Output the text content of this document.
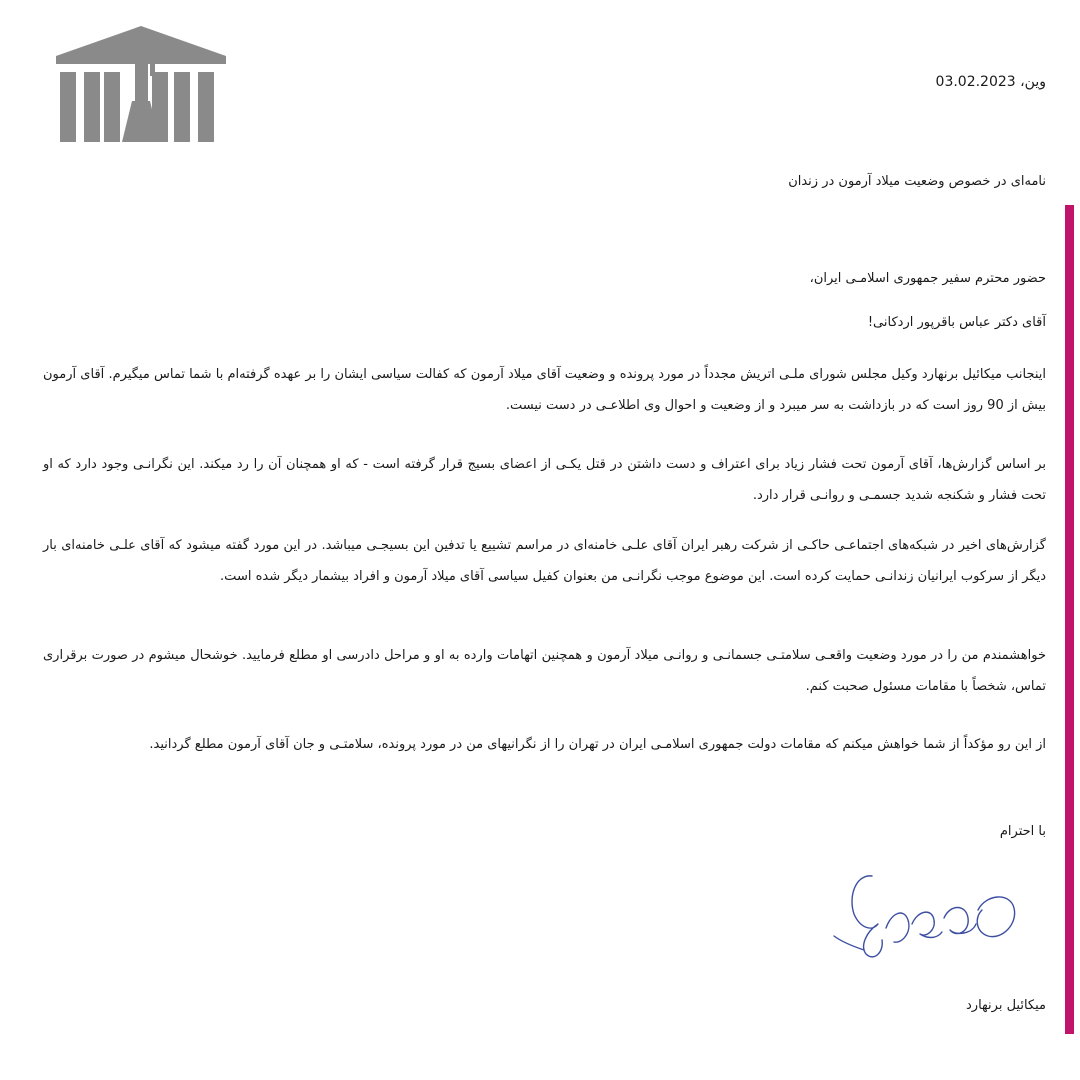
وین، 03.02.2023
نامه‌ای در خصوص وضعیت میلاد آرمون در زندان
حضور محترم سفیر جمهوری اسلامـی ایران،
آقای دکتر عباس باقرپور اردکانی!

اینجانب میکائیل برنهارد وکیل مجلس شورای ملـی اتریش مجدداً در مورد پرونده و وضعیت آقای میلاد آرمون که کفالت سیاسی ایشان را بر عهده گرفته‌ام با شما تماس میگیرم. آقای آرمون بیش از 90 روز است که در بازداشت به سر میبرد و از وضعیت و احوال وی اطلاعـی در دست نیست.

بر اساس گزارش‌ها، آقای آرمون تحت فشار زیاد برای اعتراف و دست داشتن در قتل یکـی از اعضای بسیج قرار گرفته است - که او همچنان آن را رد میکند. این نگرانـی وجود دارد که او تحت فشار و شکنجه شدید جسمـی و روانـی قرار دارد.

گزارش‌های اخیر در شبکه‌های اجتماعـی حاکـی از شرکت رهبر ایران آقای علـی خامنه‌ای در مراسم تشییع یا تدفین این بسیجـی میباشد. در این مورد گفته میشود که آقای علـی خامنه‌ای بار دیگر از سرکوب ایرانیان زندانـی حمایت کرده است. این موضوع موجب نگرانـی من بعنوان کفیل سیاسی آقای میلاد آرمون و افراد بیشمار دیگر شده است.

خواهشمندم من را در مورد وضعیت واقعـی سلامتـی جسمانـی و روانـی میلاد آرمون و همچنین اتهامات وارده به او و مراحل دادرسی او مطلع فرمایید. خوشحال میشوم در صورت برقراری تماس، شخصاً با مقامات مسئول صحبت کنم.

از این رو مؤکداً از شما خواهش میکنم که مقامات دولت جمهوری اسلامـی ایران در تهران را از نگرانیهای من در مورد پرونده، سلامتـی و جان آقای آرمون مطلع گردانید.

با احترام
میکائیل برنهارد
